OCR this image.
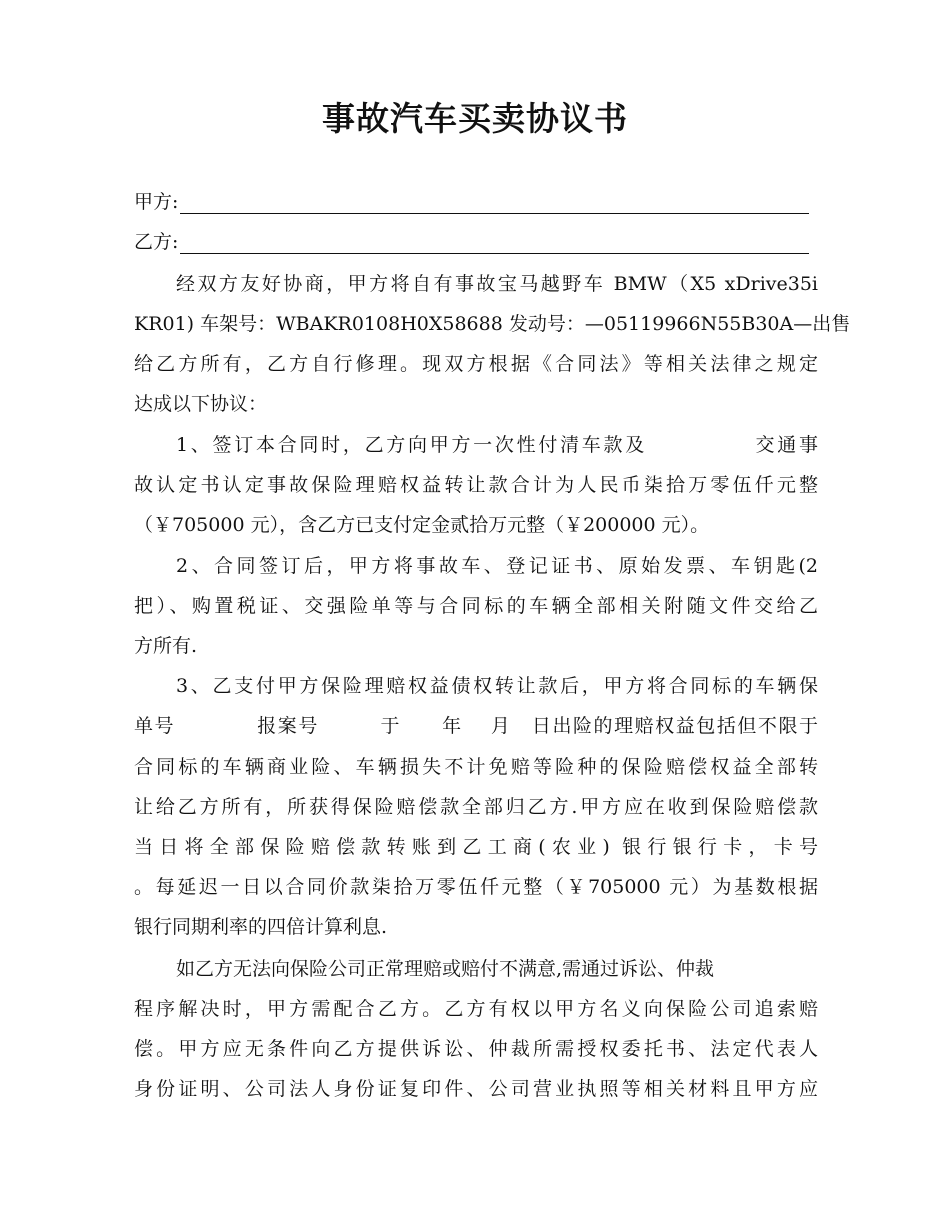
事故汽车买卖协议书
甲方:
乙方:
经双方友好协商，甲方将自有事故宝马越野车 BMW（X5 xDrive35i
KR01) 车架号：WBAKR0108H0X58688 发动号：—05119966N55B30A—出售
给乙方所有，乙方自行修理。现双方根据《合同法》等相关法律之规定
达成以下协议：
1、签订本合同时，乙方向甲方一次性付清车款及　　　　　交通事
故认定书认定事故保险理赔权益转让款合计为人民币柒拾万零伍仟元整
（￥705000 元），含乙方已支付定金贰拾万元整（￥200000 元）。
2、合同签订后，甲方将事故车、登记证书、原始发票、车钥匙(2
把）、购置税证、交强险单等与合同标的车辆全部相关附随文件交给乙
方所有.
3、乙支付甲方保险理赔权益债权转让款后，甲方将合同标的车辆保
单号　　　　报案号　　　于　　年　 月　日出险的理赔权益包括但不限于
合同标的车辆商业险、车辆损失不计免赔等险种的保险赔偿权益全部转
让给乙方所有，所获得保险赔偿款全部归乙方.甲方应在收到保险赔偿款
当日将全部保险赔偿款转账到乙工商(农业) 银行银行卡，卡号
。每延迟一日以合同价款柒拾万零伍仟元整（￥705000 元）为基数根据
银行同期利率的四倍计算利息.
如乙方无法向保险公司正常理赔或赔付不满意,需通过诉讼、仲裁
程序解决时，甲方需配合乙方。乙方有权以甲方名义向保险公司追索赔
偿。甲方应无条件向乙方提供诉讼、仲裁所需授权委托书、法定代表人
身份证明、公司法人身份证复印件、公司营业执照等相关材料且甲方应
